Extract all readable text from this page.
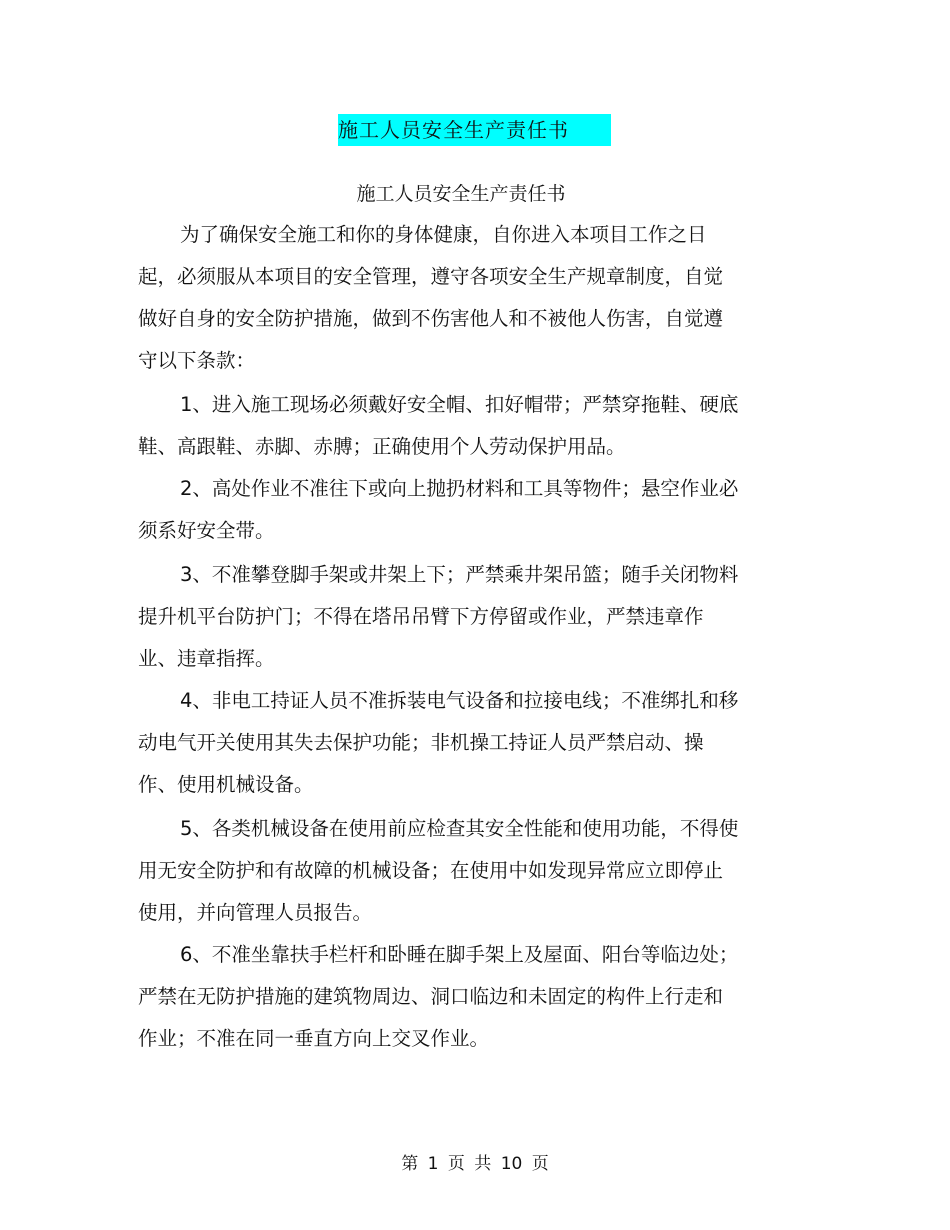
施工人员安全生产责任书
施工人员安全生产责任书
为了确保安全施工和你的身体健康，自你进入本项目工作之日
起，必须服从本项目的安全管理，遵守各项安全生产规章制度，自觉
做好自身的安全防护措施，做到不伤害他人和不被他人伤害，自觉遵
守以下条款：
1、进入施工现场必须戴好安全帽、扣好帽带；严禁穿拖鞋、硬底
鞋、高跟鞋、赤脚、赤膊；正确使用个人劳动保护用品。
2、高处作业不准往下或向上抛扔材料和工具等物件；悬空作业必
须系好安全带。
3、不准攀登脚手架或井架上下；严禁乘井架吊篮；随手关闭物料
提升机平台防护门；不得在塔吊吊臂下方停留或作业，严禁违章作
业、违章指挥。
4、非电工持证人员不准拆装电气设备和拉接电线；不准绑扎和移
动电气开关使用其失去保护功能；非机操工持证人员严禁启动、操
作、使用机械设备。
5、各类机械设备在使用前应检查其安全性能和使用功能，不得使
用无安全防护和有故障的机械设备；在使用中如发现异常应立即停止
使用，并向管理人员报告。
6、不准坐靠扶手栏杆和卧睡在脚手架上及屋面、阳台等临边处；
严禁在无防护措施的建筑物周边、洞口临边和未固定的构件上行走和
作业；不准在同一垂直方向上交叉作业。
第 1 页 共 10 页
